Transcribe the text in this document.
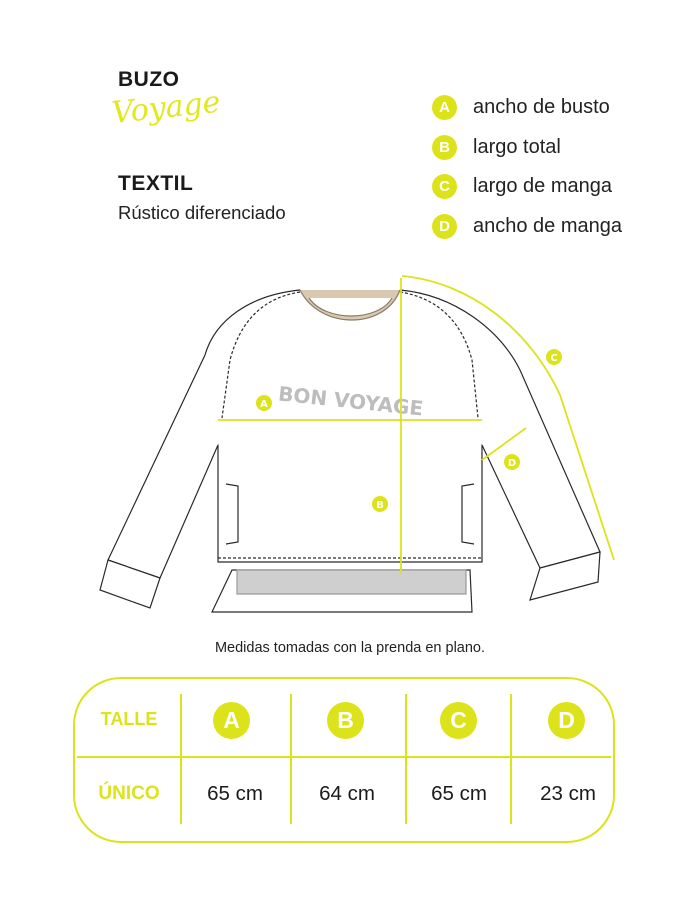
BUZO
Voyage
TEXTIL
Rústico diferenciado
A	ancho de busto
B	largo total
C	largo de manga
D	ancho de manga
BON VOYAGE
A
B
C
D
Medidas tomadas con la prenda en plano.
TALLE	A	B	C	D
ÚNICO	65 cm	64 cm	65 cm	23 cm
